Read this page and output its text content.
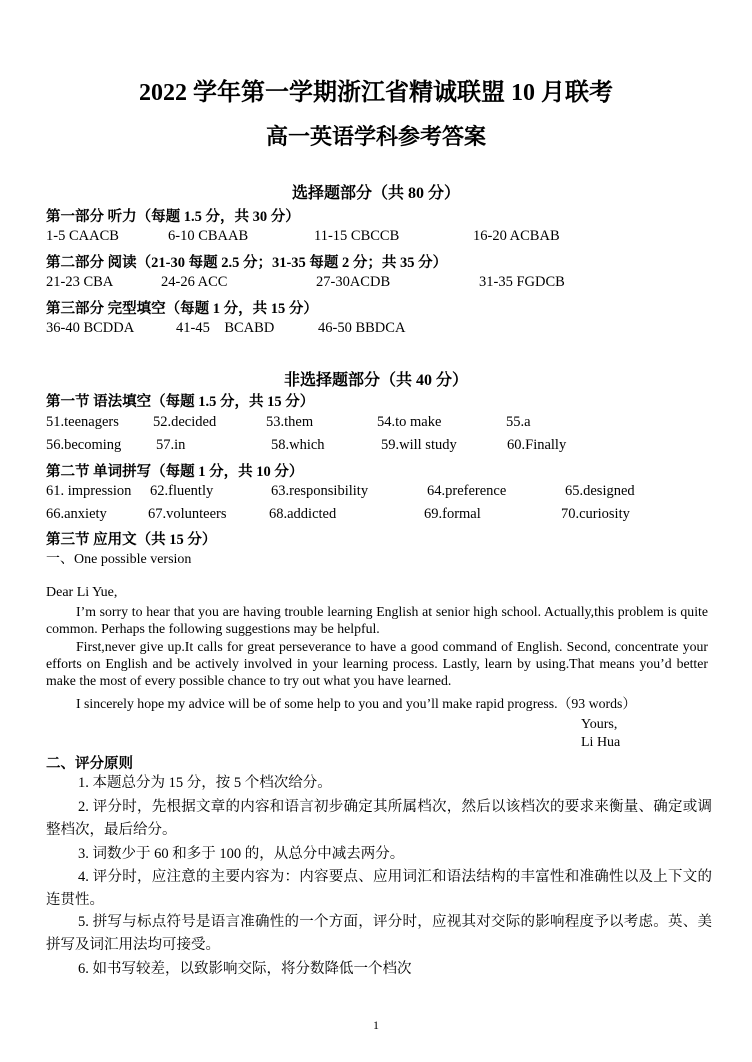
2022 学年第一学期浙江省精诚联盟 10 月联考
高一英语学科参考答案
选择题部分（共 80 分）
第一部分 听力（每题 1.5 分，共 30 分）
1-5 CAACB	6-10 CBAAB	11-15 CBCCB	16-20 ACBAB
第二部分 阅读（21-30 每题 2.5 分；31-35 每题 2 分；共 35 分）
21-23 CBA	24-26 ACC	27-30ACDB	31-35 FGDCB
第三部分 完型填空（每题 1 分，共 15 分）
36-40 BCDDA	41-45    BCABD	46-50 BBDCA
非选择题部分（共 40 分）
第一节 语法填空（每题 1.5 分，共 15 分）
51.teenagers 52.decided	53.them	54.to make	55.a
56.becoming 57.in	58.which	59.will study	60.Finally
第二节 单词拼写（每题 1 分，共 10 分）
61. impression 62.fluently	63.responsibility	64.preference	65.designed
66.anxiety	67.volunteers	68.addicted	69.formal	70.curiosity
第三节 应用文（共 15 分）
一、One possible version
Dear Li Yue,
I’m sorry to hear that you are having trouble learning English at senior high school. Actually,this problem is quite common. Perhaps the following suggestions may be helpful.
First,never give up.It calls for great perseverance to have a good command of English. Second, concentrate your efforts on English and be actively involved in your learning process. Lastly, learn by using.That means you’d better make the most of every possible chance to try out what you have learned.
I sincerely hope my advice will be of some help to you and you’ll make rapid progress.（93 words）
Yours,
Li Hua
二、评分原则
1. 本题总分为 15 分，按 5 个档次给分。
2. 评分时，先根据文章的内容和语言初步确定其所属档次，然后以该档次的要求来衡量、确定或调整档次，最后给分。
3. 词数少于 60 和多于 100 的，从总分中减去两分。
4. 评分时，应注意的主要内容为：内容要点、应用词汇和语法结构的丰富性和准确性以及上下文的连贯性。
5. 拼写与标点符号是语言准确性的一个方面，评分时，应视其对交际的影响程度予以考虑。英、美拼写及词汇用法均可接受。
6. 如书写较差，以致影响交际，将分数降低一个档次
1
